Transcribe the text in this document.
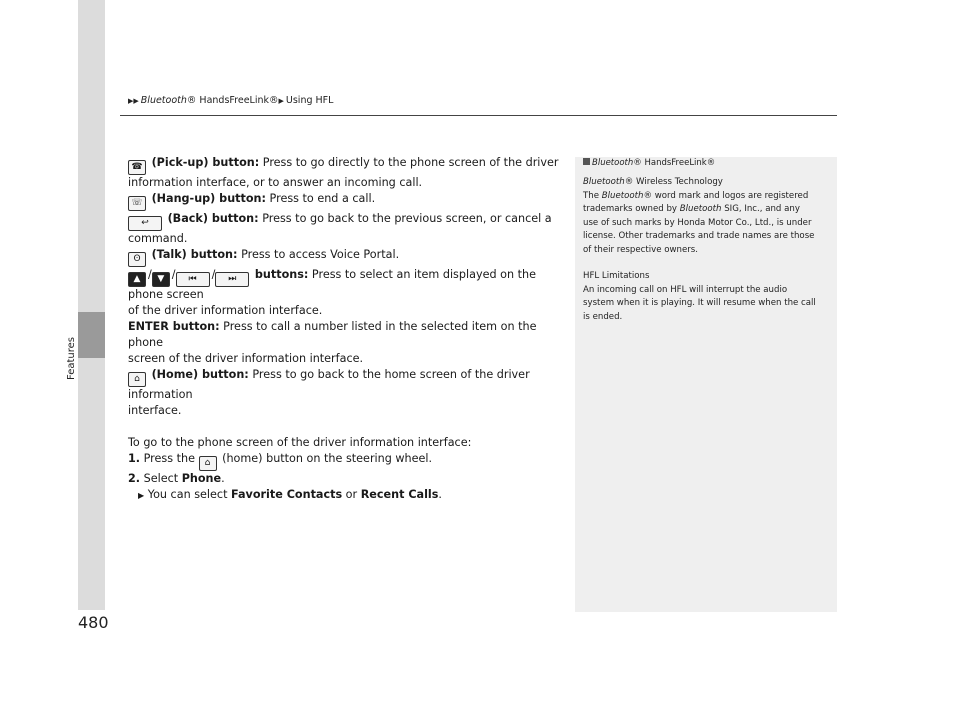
▶▶ Bluetooth® HandsFreeLink®▶ Using HFL
Features
480

☎ (Pick-up) button: Press to go directly to the phone screen of the driver
information interface, or to answer an incoming call.

☏ (Hang-up) button: Press to end a call.

↩ (Back) button: Press to go back to the previous screen, or cancel a command.

ʘ (Talk) button: Press to access Voice Portal.

▲ / ▼ / ⏮ / ⏭ buttons: Press to select an item displayed on the phone screen
of the driver information interface.

ENTER button: Press to call a number listed in the selected item on the phone
screen of the driver information interface.

⌂ (Home) button: Press to go back to the home screen of the driver information
interface.

To go to the phone screen of the driver information interface:

1. Press the ⌂ (home) button on the steering wheel.

2. Select Phone.

▶ You can select Favorite Contacts or Recent Calls.

Bluetooth® HandsFreeLink®

Bluetooth® Wireless Technology

The Bluetooth® word mark and logos are registered

trademarks owned by Bluetooth SIG, Inc., and any

use of such marks by Honda Motor Co., Ltd., is under

license. Other trademarks and trade names are those

of their respective owners.

HFL Limitations

An incoming call on HFL will interrupt the audio

system when it is playing. It will resume when the call

is ended.
